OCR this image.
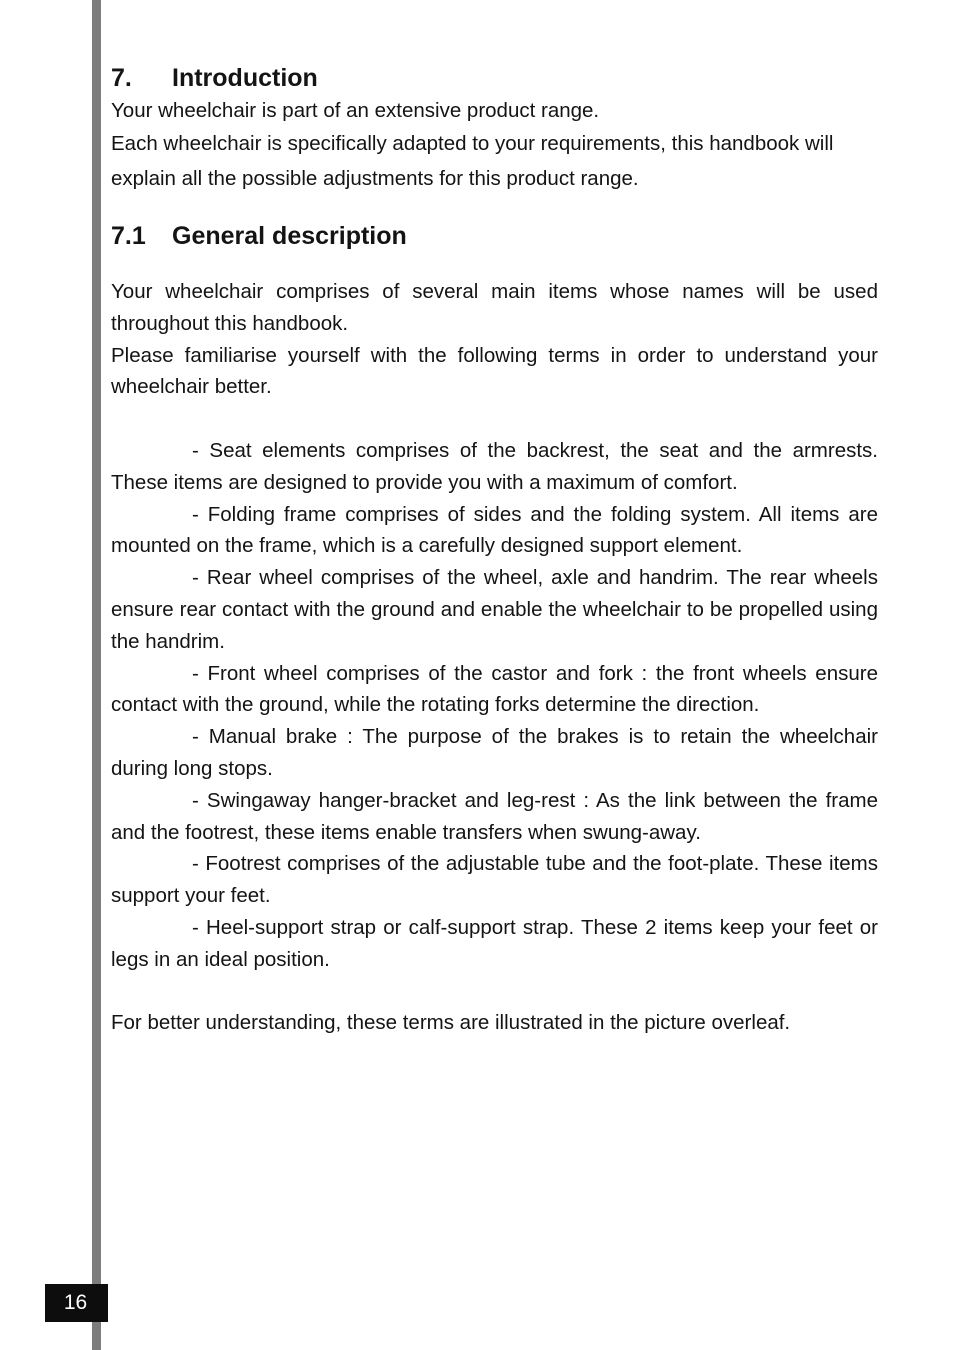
7. Introduction

Your wheelchair is part of an extensive product range.

Each wheelchair is specifically adapted to your requirements, this handbook will explain all the possible adjustments for this product range.

7.1 General description

Your wheelchair comprises of several main items whose names will be used throughout this handbook.

Please familiarise yourself with the following terms in order to understand your wheelchair better.

- Seat elements comprises of the backrest, the seat and the armrests. These items are designed to provide you with a maximum of comfort.

- Folding frame comprises of sides and the folding system. All items are mounted on the frame, which is a carefully designed support element.

- Rear wheel comprises of the wheel, axle and handrim. The rear wheels ensure rear contact with the ground and enable the wheelchair to be propelled using the handrim.

- Front wheel comprises of the castor and fork : the front wheels ensure contact with the ground, while the rotating forks determine the direction.

- Manual brake : The purpose of the brakes is to retain the wheelchair during long stops.

- Swingaway hanger-bracket and leg-rest : As the link between the frame and the footrest, these items enable transfers when swung-away.

- Footrest comprises of the adjustable tube and the foot-plate. These items support your feet.

- Heel-support strap or calf-support strap. These 2 items keep your feet or legs in an ideal position.

For better understanding, these terms are illustrated in the picture overleaf.

16
